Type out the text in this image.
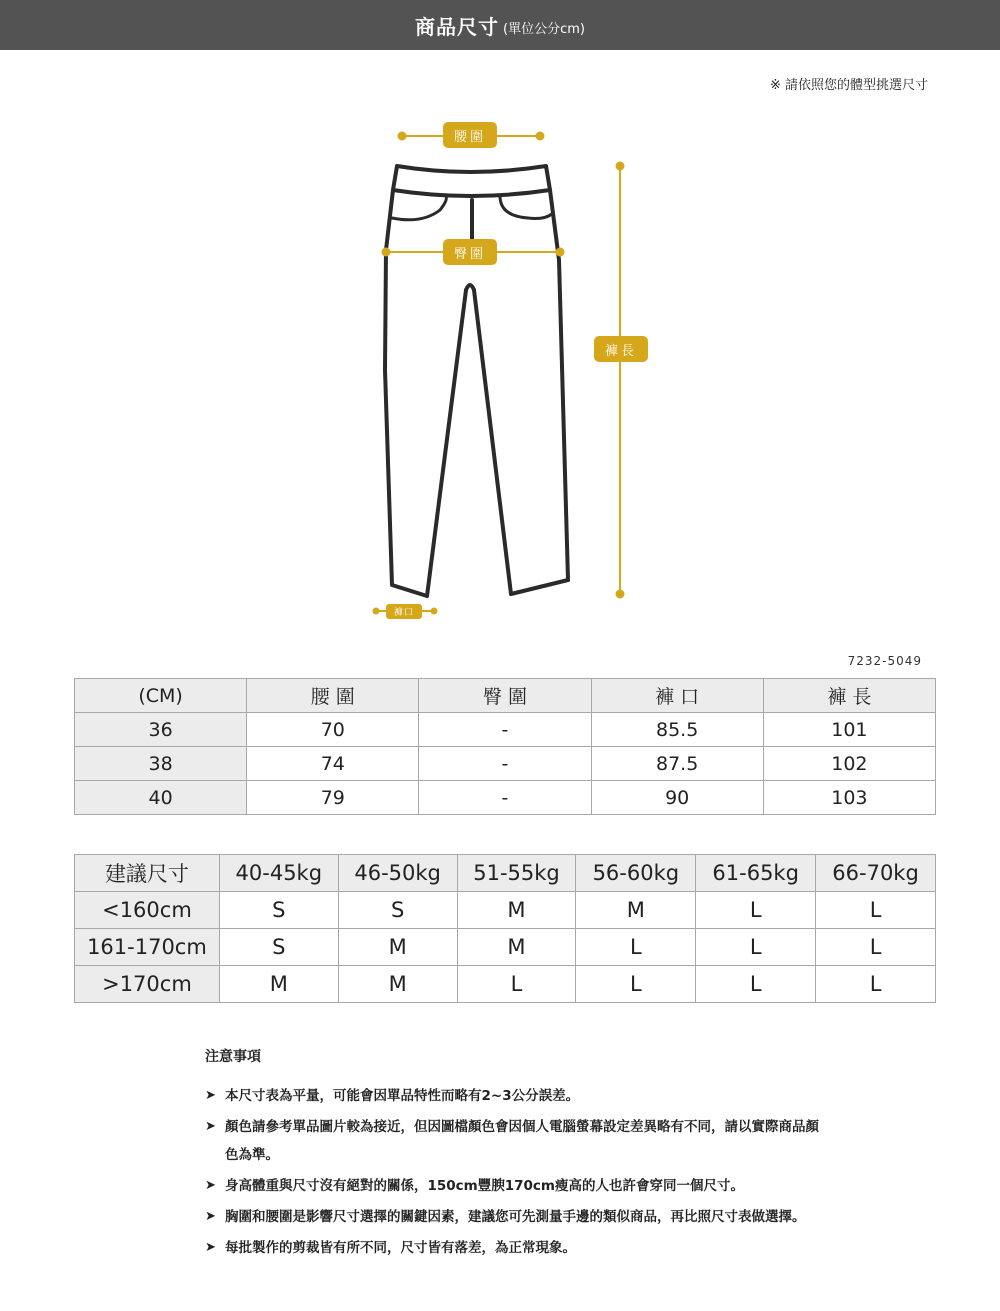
商品尺寸 (單位公分cm)
※ 請依照您的體型挑選尺寸
腰圍
臀圍
褲長
褲口
7232-5049
(CM)	腰 圍	臀 圍	褲 口	褲 長
36	70	-	85.5	101
38	74	-	87.5	102
40	79	-	90	103
建議尺寸	40-45kg	46-50kg	51-55kg	56-60kg	61-65kg	66-70kg
<160cm	S	S	M	M	L	L
161-170cm	S	M	M	L	L	L
>170cm	M	M	L	L	L	L
注意事項
➤ 本尺寸表為平量，可能會因單品特性而略有2~3公分誤差。
➤ 顏色請參考單品圖片較為接近，但因圖檔顏色會因個人電腦螢幕設定差異略有不同，請以實際商品顏色為準。
➤ 身高體重與尺寸沒有絕對的關係，150cm豐腴170cm瘦高的人也許會穿同一個尺寸。
➤ 胸圍和腰圍是影響尺寸選擇的關鍵因素，建議您可先測量手邊的類似商品，再比照尺寸表做選擇。
➤ 每批製作的剪裁皆有所不同，尺寸皆有落差，為正常現象。
